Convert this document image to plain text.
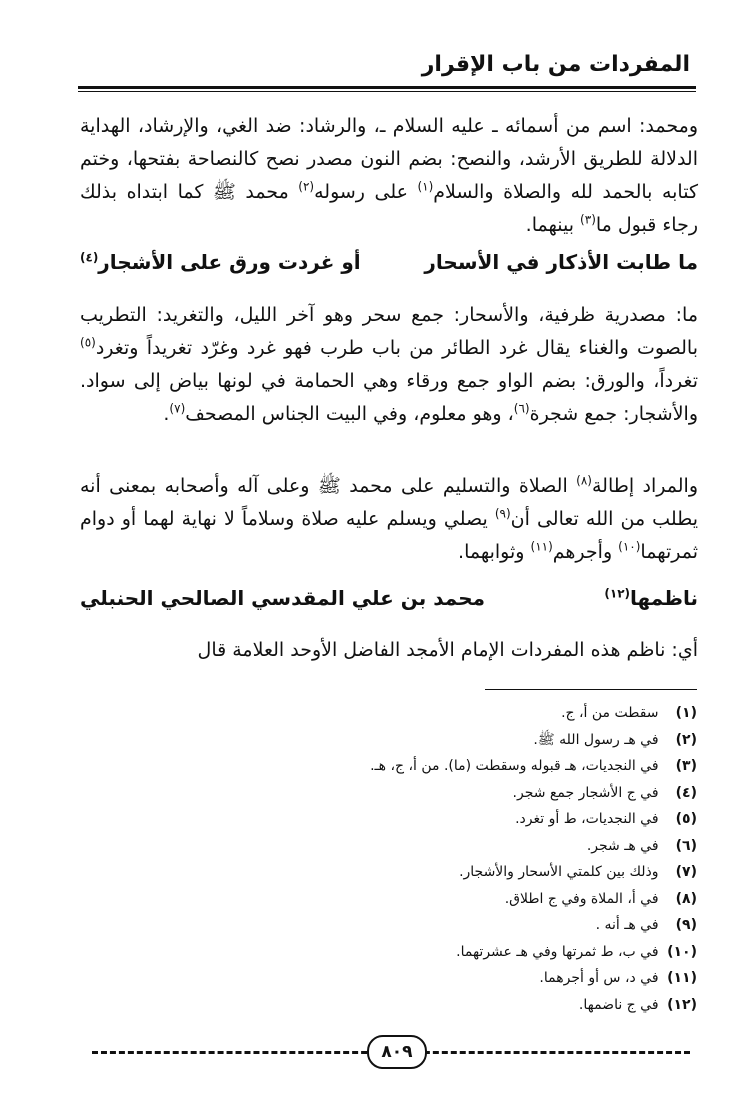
المفردات من باب الإقرار
ومحمد: اسم من أسمائه ـ عليه السلام ـ، والرشاد: ضد الغي، والإرشاد، الهداية الدلالة للطريق الأرشد، والنصح: بضم النون مصدر نصح كالنصاحة بفتحها، وختم كتابه بالحمد لله والصلاة والسلام$^{(١)}$ على رسوله$^{(٢)}$ محمد ﷺ كما ابتداه بذلك رجاء قبول ما$^{(٣)}$ بينهما.
ما طابت الأذكار في الأسحار
أو غردت ورق على الأشجار$^{(٤)}$
ما: مصدرية ظرفية، والأسحار: جمع سحر وهو آخر الليل، والتغريد: التطريب بالصوت والغناء يقال غرد الطائر من باب طرب فهو غرد وغرّد تغريداً وتغرد$^{(٥)}$ تغرداً، والورق: بضم الواو جمع ورقاء وهي الحمامة في لونها بياض إلى سواد. والأشجار: جمع شجرة$^{(٦)}$، وهو معلوم، وفي البيت الجناس المصحف$^{(٧)}$.
والمراد إطالة$^{(٨)}$ الصلاة والتسليم على محمد ﷺ وعلى آله وأصحابه بمعنى أنه يطلب من الله تعالى أن$^{(٩)}$ يصلي ويسلم عليه صلاة وسلاماً لا نهاية لهما أو دوام ثمرتهما$^{(١٠)}$ وأجرهم$^{(١١)}$ وثوابهما.
ناظمها$^{(١٢)}$
محمد بن علي المقدسي الصالحي الحنبلي
أي: ناظم هذه المفردات الإمام الأمجد الفاضل الأوحد العلامة قال
(١) سقطت من أ، ج.
(٢) في هـ رسول الله ﷺ.
(٣) في النجديات، هـ قبوله وسقطت (ما). من أ، ج، هـ.
(٤) في ج الأشجار جمع شجر.
(٥) في النجديات، ط أو تغرد.
(٦) في هـ شجر.
(٧) وذلك بين كلمتي الأسحار والأشجار.
(٨) في أ، الملاة وفي ج اطلاق.
(٩) في هـ أنه .
(١٠) في ب، ط ثمرتها وفي هـ عشرتهما.
(١١) في د، س أو أجرهما.
(١٢) في ج ناضمها.
٨٠٩
